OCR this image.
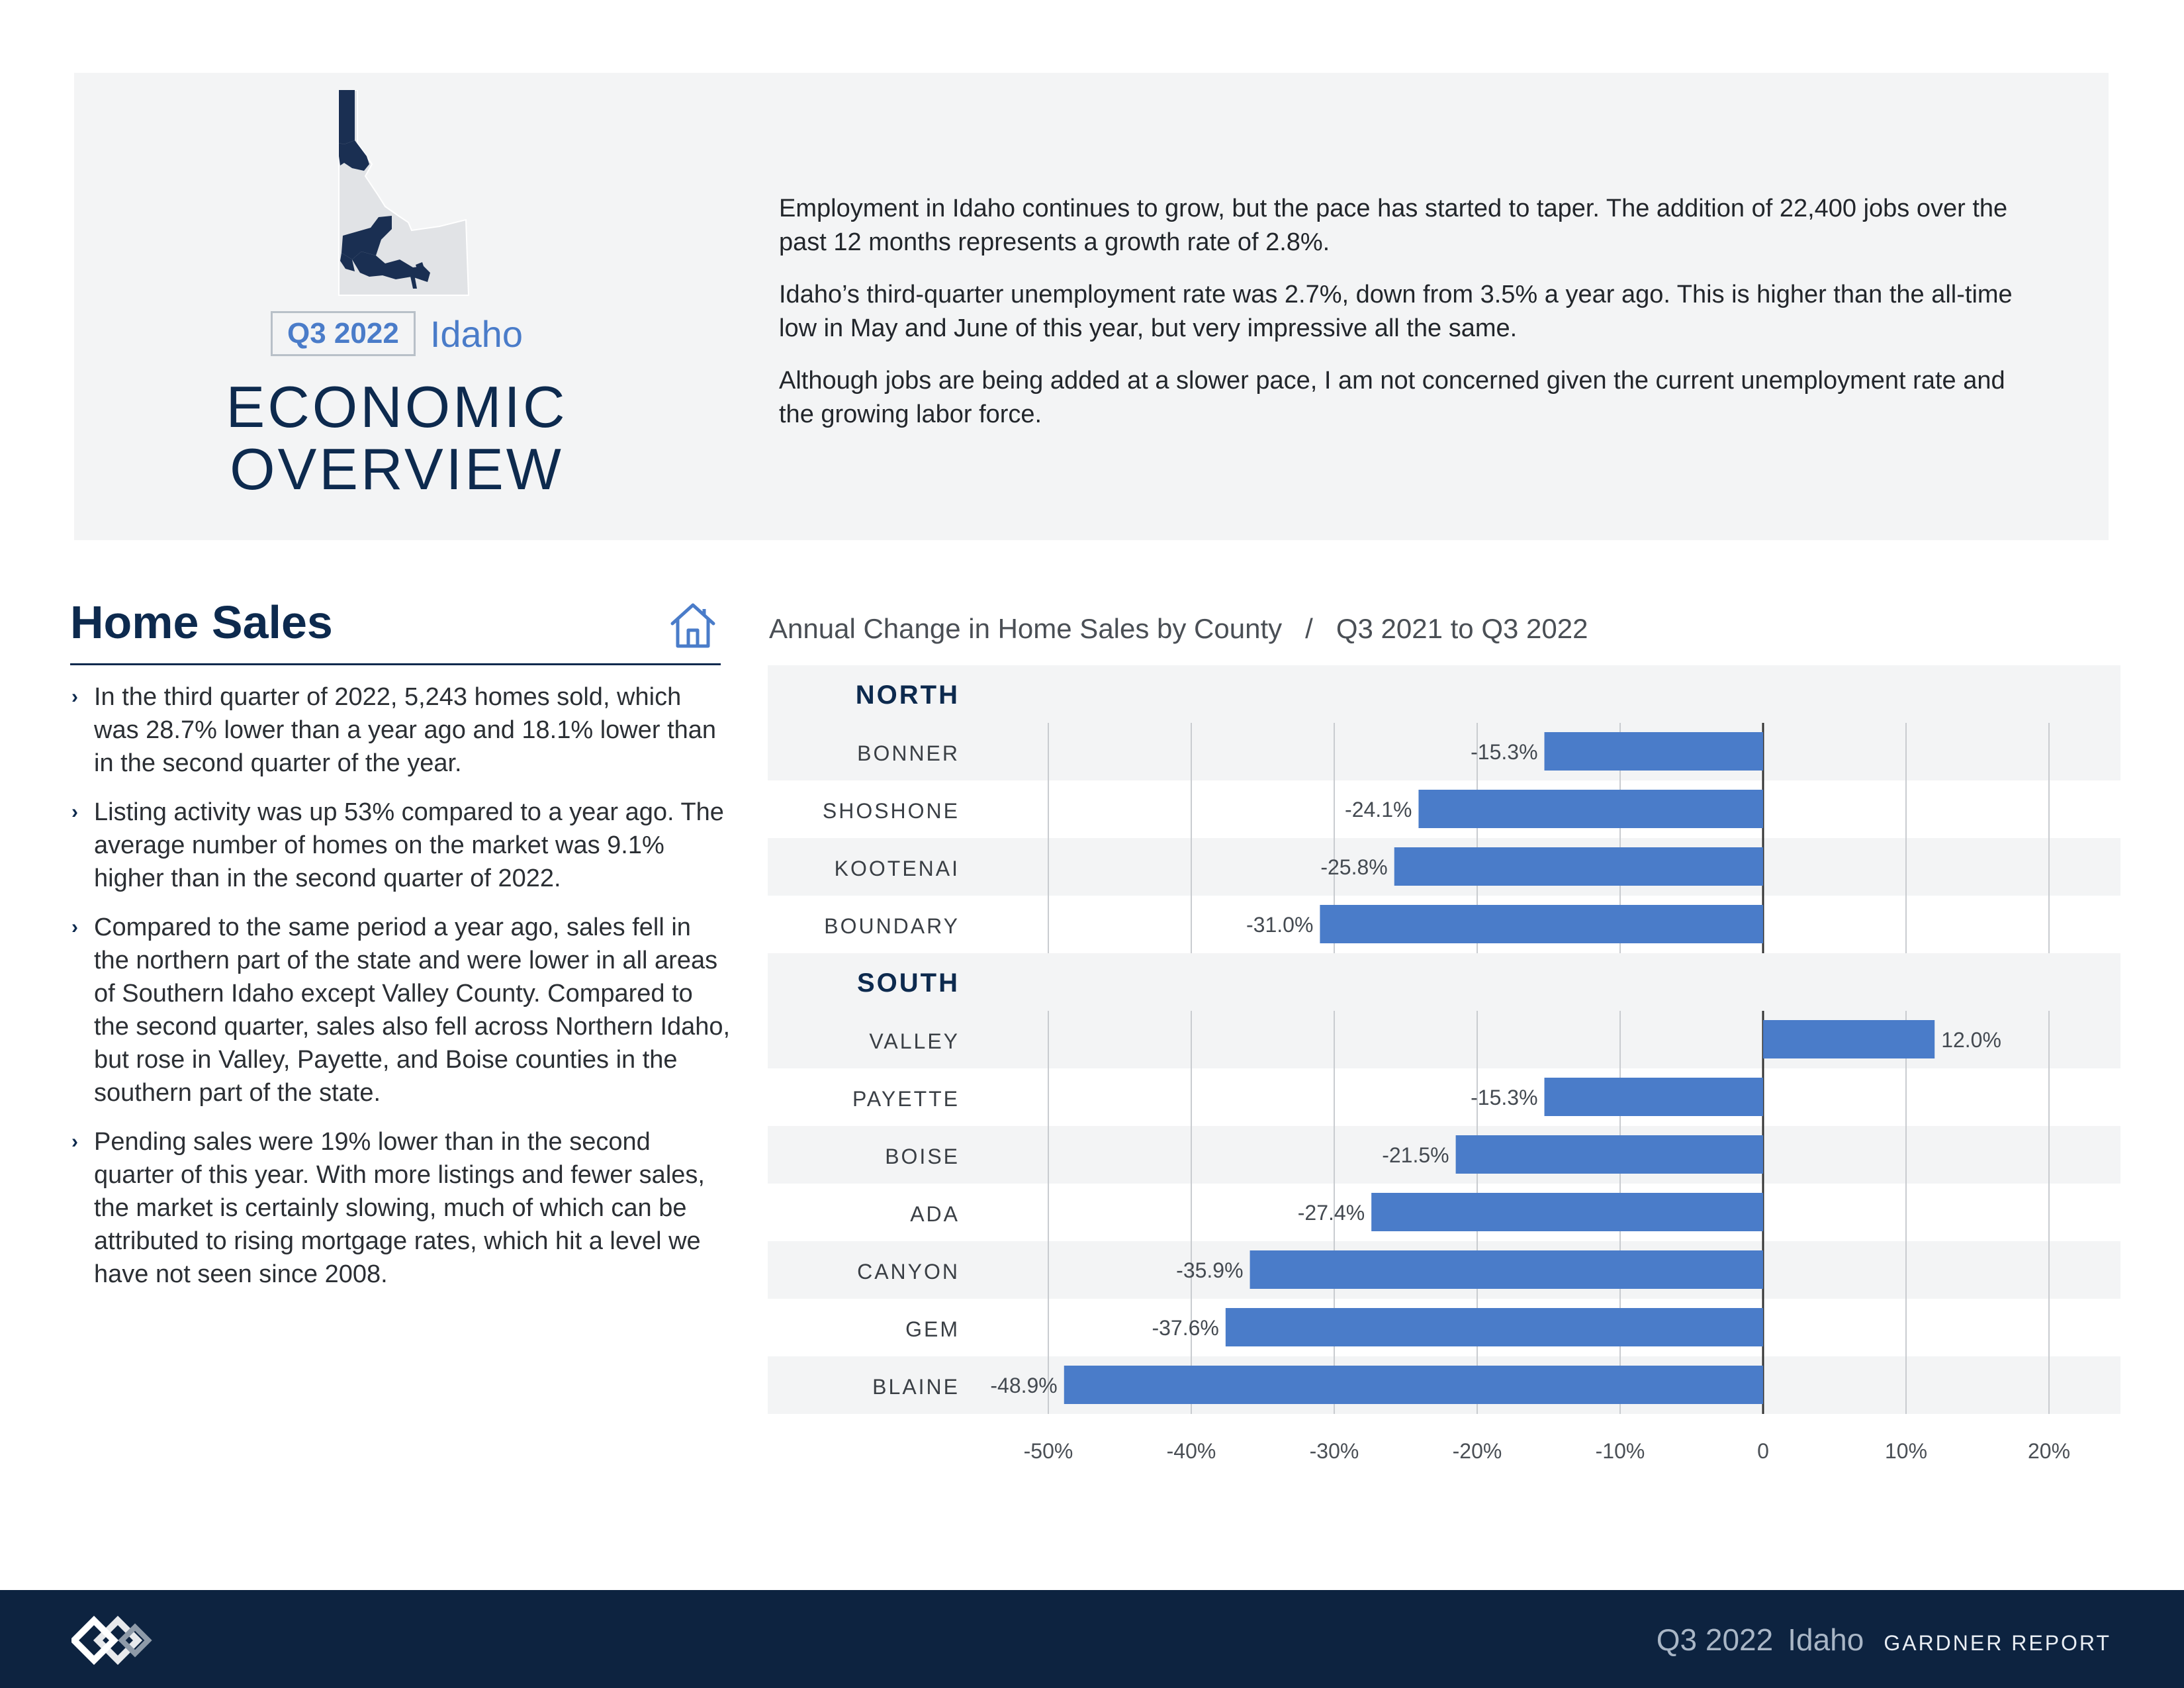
Q3 2022 Idaho
ECONOMIC
OVERVIEW

Employment in Idaho continues to grow, but the pace has started to taper. The addition of 22,400 jobs over the past 12 months represents a growth rate of 2.8%.

Idaho’s third-quarter unemployment rate was 2.7%, down from 3.5% a year ago. This is higher than the all-time low in May and June of this year, but very impressive all the same.

Although jobs are being added at a slower pace, I am not concerned given the current unemployment rate and the growing labor force.

Home Sales
› In the third quarter of 2022, 5,243 homes sold, which was 28.7% lower than a year ago and 18.1% lower than in the second quarter of the year.
› Listing activity was up 53% compared to a year ago. The average number of homes on the market was 9.1% higher than in the second quarter of 2022.
› Compared to the same period a year ago, sales fell in the northern part of the state and were lower in all areas of Southern Idaho except Valley County. Compared to the second quarter, sales also fell across Northern Idaho, but rose in Valley, Payette, and Boise counties in the southern part of the state.
› Pending sales were 19% lower than in the second quarter of this year. With more listings and fewer sales, the market is certainly slowing, much of which can be attributed to rising mortgage rates, which hit a level we have not seen since 2008.
Annual Change in Home Sales by County / Q3 2021 to Q3 2022
NORTH
SOUTH
BONNER	-15.3%
SHOSHONE	-24.1%
KOOTENAI	-25.8%
BOUNDARY	-31.0%
VALLEY	12.0%
PAYETTE	-15.3%
BOISE	-21.5%
ADA	-27.4%
CANYON	-35.9%
GEM	-37.6%
BLAINE -48.9%
-50%	-40%	-30%	-20%	-10%	0	10%	20%
Q3 2022 Idaho GARDNER REPORT
